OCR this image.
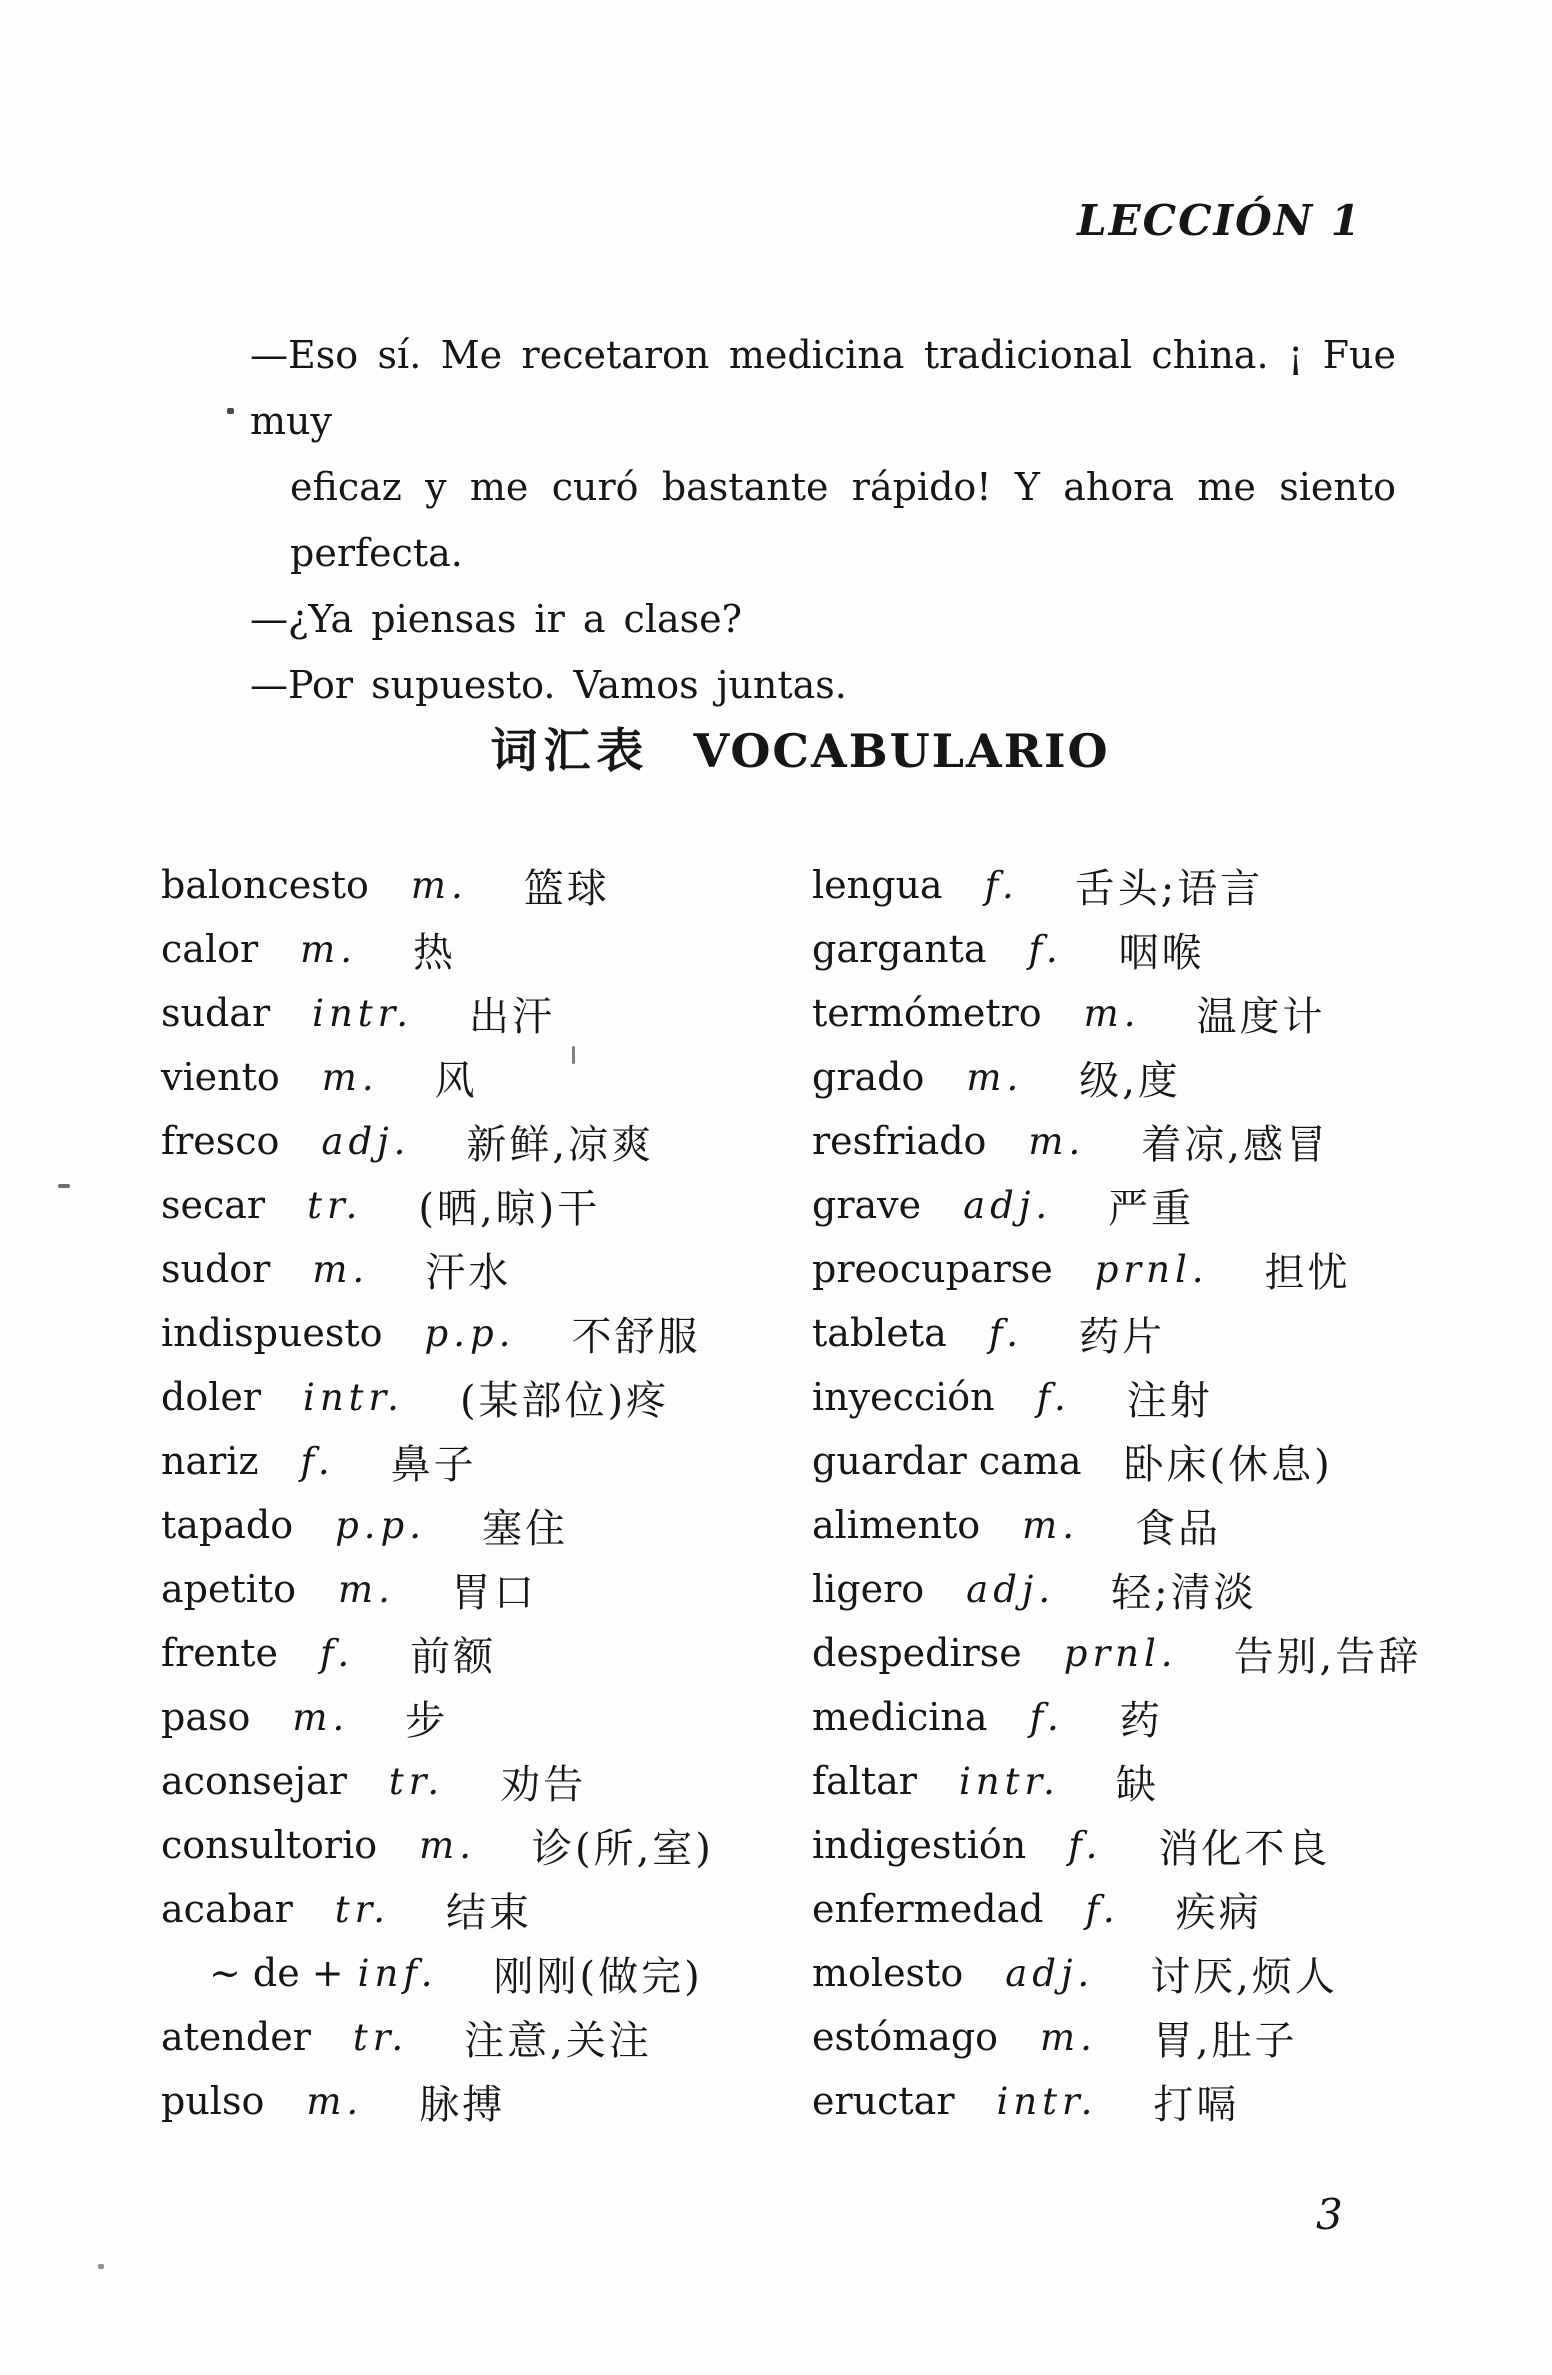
LECCIÓN 1
—Eso sí. Me recetaron medicina tradicional china. ¡ Fue muy
eficaz y me curó bastante rápido! Y ahora me siento perfecta.
—¿Ya piensas ir a clase?
—Por supuesto. Vamos juntas.
词汇表 VOCABULARIO
baloncesto m. 篮球
calor m. 热
sudar intr. 出汗
viento m. 风
fresco adj. 新鲜,凉爽
secar tr. (晒,晾)干
sudor m. 汗水
indispuesto p.p. 不舒服
doler intr. (某部位)疼
nariz f. 鼻子
tapado p.p. 塞住
apetito m. 胃口
frente f. 前额
paso m. 步
aconsejar tr. 劝告
consultorio m. 诊(所,室)
acabar tr. 结束
~ de + inf. 刚刚(做完)
atender tr. 注意,关注
pulso m. 脉搏
lengua f. 舌头;语言
garganta f. 咽喉
termómetro m. 温度计
grado m. 级,度
resfriado m. 着凉,感冒
grave adj. 严重
preocuparse prnl. 担忧
tableta f. 药片
inyección f. 注射
guardar cama 卧床(休息)
alimento m. 食品
ligero adj. 轻;清淡
despedirse prnl. 告别,告辞
medicina f. 药
faltar intr. 缺
indigestión f. 消化不良
enfermedad f. 疾病
molesto adj. 讨厌,烦人
estómago m. 胃,肚子
eructar intr. 打嗝
3
